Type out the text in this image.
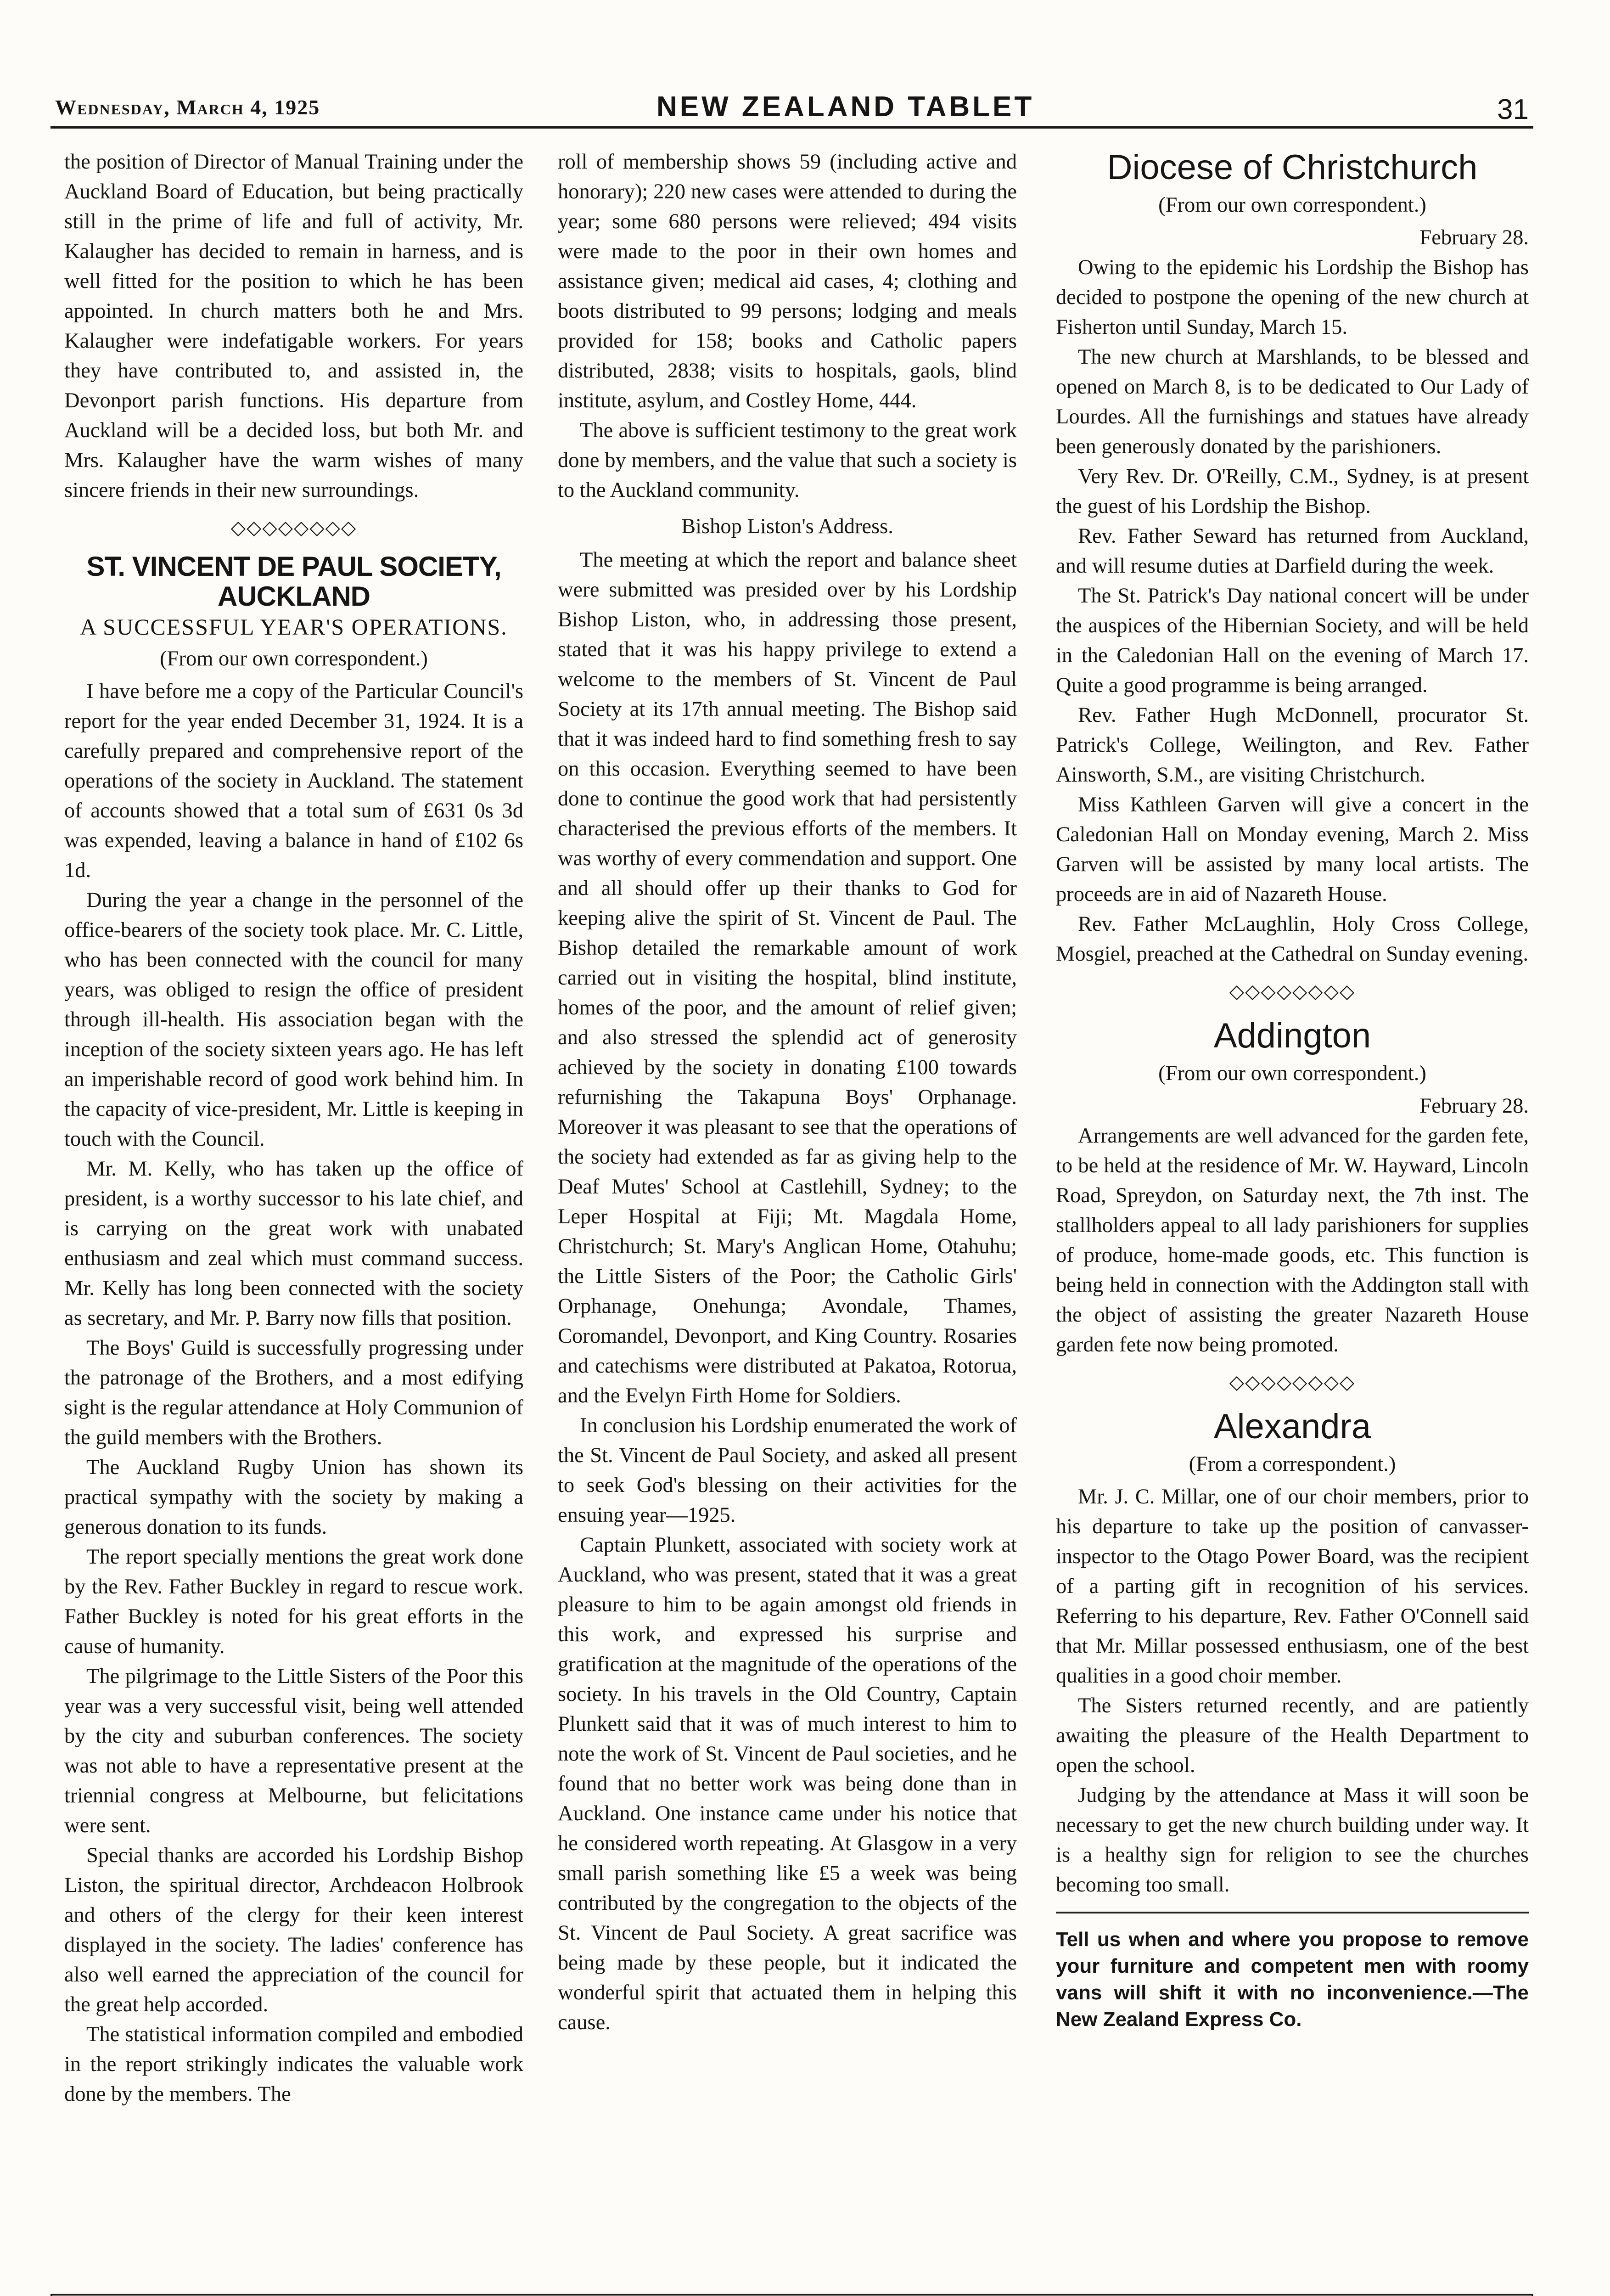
Wednesday, March 4, 1925	NEW ZEALAND TABLET	31

the position of Director of Manual Training under the Auckland Board of Education, but being practically still in the prime of life and full of activity, Mr. Kalaugher has decided to remain in harness, and is well fitted for the position to which he has been appointed. In church matters both he and Mrs. Kalaugher were indefatigable workers. For years they have contributed to, and assisted in, the Devonport parish functions. His departure from Auckland will be a decided loss, but both Mr. and Mrs. Kalaugher have the warm wishes of many sincere friends in their new surroundings.

◇◇◇◇◇◇◇◇
ST. VINCENT DE PAUL SOCIETY, AUCKLAND
A SUCCESSFUL YEAR'S OPERATIONS.
(From our own correspondent.)

I have before me a copy of the Particular Council's report for the year ended December 31, 1924. It is a carefully prepared and comprehensive report of the operations of the society in Auckland. The statement of accounts showed that a total sum of £631 0s 3d was expended, leaving a balance in hand of £102 6s 1d.

During the year a change in the personnel of the office-bearers of the society took place. Mr. C. Little, who has been connected with the council for many years, was obliged to resign the office of president through ill-health. His association began with the inception of the society sixteen years ago. He has left an imperishable record of good work behind him. In the capacity of vice-president, Mr. Little is keeping in touch with the Council.

Mr. M. Kelly, who has taken up the office of president, is a worthy successor to his late chief, and is carrying on the great work with unabated enthusiasm and zeal which must command success. Mr. Kelly has long been connected with the society as secretary, and Mr. P. Barry now fills that position.

The Boys' Guild is successfully progressing under the patronage of the Brothers, and a most edifying sight is the regular attendance at Holy Communion of the guild members with the Brothers.

The Auckland Rugby Union has shown its practical sympathy with the society by making a generous donation to its funds.

The report specially mentions the great work done by the Rev. Father Buckley in regard to rescue work. Father Buckley is noted for his great efforts in the cause of humanity.

The pilgrimage to the Little Sisters of the Poor this year was a very successful visit, being well attended by the city and suburban conferences. The society was not able to have a representative present at the triennial congress at Melbourne, but felicitations were sent.

Special thanks are accorded his Lordship Bishop Liston, the spiritual director, Archdeacon Holbrook and others of the clergy for their keen interest displayed in the society. The ladies' conference has also well earned the appreciation of the council for the great help accorded.

The statistical information compiled and embodied in the report strikingly indicates the valuable work done by the members. The

roll of membership shows 59 (including active and honorary); 220 new cases were attended to during the year; some 680 persons were relieved; 494 visits were made to the poor in their own homes and assistance given; medical aid cases, 4; clothing and boots distributed to 99 persons; lodging and meals provided for 158; books and Catholic papers distributed, 2838; visits to hospitals, gaols, blind institute, asylum, and Costley Home, 444.

The above is sufficient testimony to the great work done by members, and the value that such a society is to the Auckland community.

Bishop Liston's Address.

The meeting at which the report and balance sheet were submitted was presided over by his Lordship Bishop Liston, who, in addressing those present, stated that it was his happy privilege to extend a welcome to the members of St. Vincent de Paul Society at its 17th annual meeting. The Bishop said that it was indeed hard to find something fresh to say on this occasion. Everything seemed to have been done to continue the good work that had persistently characterised the previous efforts of the members. It was worthy of every commendation and support. One and all should offer up their thanks to God for keeping alive the spirit of St. Vincent de Paul. The Bishop detailed the remarkable amount of work carried out in visiting the hospital, blind institute, homes of the poor, and the amount of relief given; and also stressed the splendid act of generosity achieved by the society in donating £100 towards refurnishing the Takapuna Boys' Orphanage. Moreover it was pleasant to see that the operations of the society had extended as far as giving help to the Deaf Mutes' School at Castlehill, Sydney; to the Leper Hospital at Fiji; Mt. Magdala Home, Christchurch; St. Mary's Anglican Home, Otahuhu; the Little Sisters of the Poor; the Catholic Girls' Orphanage, Onehunga; Avondale, Thames, Coromandel, Devonport, and King Country. Rosaries and catechisms were distributed at Pakatoa, Rotorua, and the Evelyn Firth Home for Soldiers.

In conclusion his Lordship enumerated the work of the St. Vincent de Paul Society, and asked all present to seek God's blessing on their activities for the ensuing year—1925.

Captain Plunkett, associated with society work at Auckland, who was present, stated that it was a great pleasure to him to be again amongst old friends in this work, and expressed his surprise and gratification at the magnitude of the operations of the society. In his travels in the Old Country, Captain Plunkett said that it was of much interest to him to note the work of St. Vincent de Paul societies, and he found that no better work was being done than in Auckland. One instance came under his notice that he considered worth repeating. At Glasgow in a very small parish something like £5 a week was being contributed by the congregation to the objects of the St. Vincent de Paul Society. A great sacrifice was being made by these people, but it indicated the wonderful spirit that actuated them in helping this cause.

Diocese of Christchurch
(From our own correspondent.)

February 28.

Owing to the epidemic his Lordship the Bishop has decided to postpone the opening of the new church at Fisherton until Sunday, March 15.

The new church at Marshlands, to be blessed and opened on March 8, is to be dedicated to Our Lady of Lourdes. All the furnishings and statues have already been generously donated by the parishioners.

Very Rev. Dr. O'Reilly, C.M., Sydney, is at present the guest of his Lordship the Bishop.

Rev. Father Seward has returned from Auckland, and will resume duties at Darfield during the week.

The St. Patrick's Day national concert will be under the auspices of the Hibernian Society, and will be held in the Caledonian Hall on the evening of March 17. Quite a good programme is being arranged.

Rev. Father Hugh McDonnell, procurator St. Patrick's College, Weilington, and Rev. Father Ainsworth, S.M., are visiting Christchurch.

Miss Kathleen Garven will give a concert in the Caledonian Hall on Monday evening, March 2. Miss Garven will be assisted by many local artists. The proceeds are in aid of Nazareth House.

Rev. Father McLaughlin, Holy Cross College, Mosgiel, preached at the Cathedral on Sunday evening.

◇◇◇◇◇◇◇◇
Addington
(From our own correspondent.)

February 28.

Arrangements are well advanced for the garden fete, to be held at the residence of Mr. W. Hayward, Lincoln Road, Spreydon, on Saturday next, the 7th inst. The stallholders appeal to all lady parishioners for supplies of produce, home-made goods, etc. This function is being held in connection with the Addington stall with the object of assisting the greater Nazareth House garden fete now being promoted.

◇◇◇◇◇◇◇◇
Alexandra
(From a correspondent.)

Mr. J. C. Millar, one of our choir members, prior to his departure to take up the position of canvasser-inspector to the Otago Power Board, was the recipient of a parting gift in recognition of his services. Referring to his departure, Rev. Father O'Connell said that Mr. Millar possessed enthusiasm, one of the best qualities in a good choir member.

The Sisters returned recently, and are patiently awaiting the pleasure of the Health Department to open the school.

Judging by the attendance at Mass it will soon be necessary to get the new church building under way. It is a healthy sign for religion to see the churches becoming too small.

Tell us when and where you propose to remove your furniture and competent men with roomy vans will shift it with no inconvenience.—The New Zealand Express Co.
